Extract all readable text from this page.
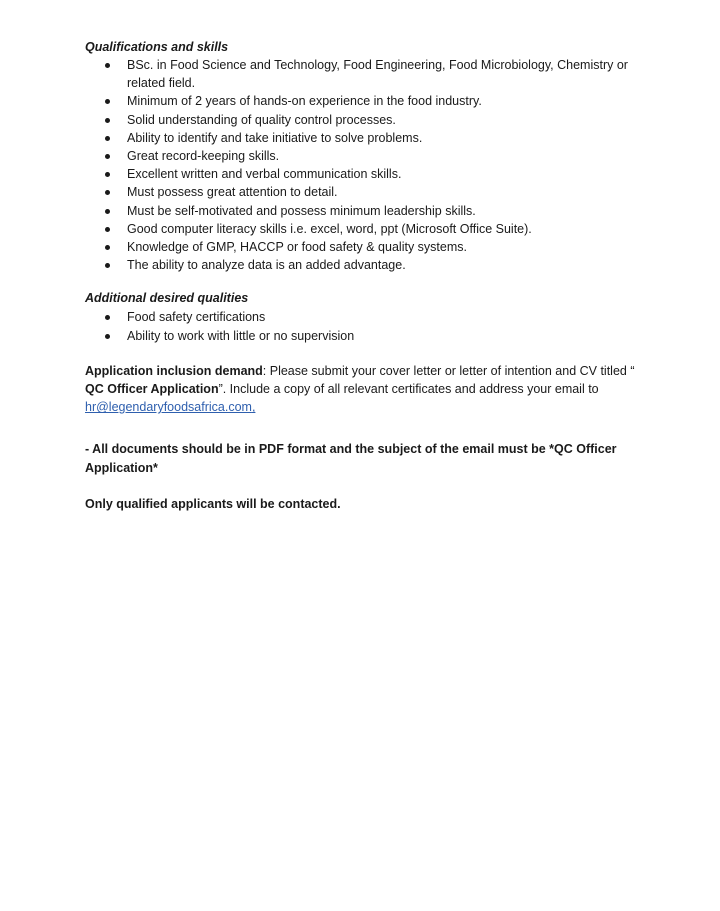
Qualifications and skills

BSc. in Food Science and Technology, Food Engineering, Food Microbiology, Chemistry or related field.
Minimum of 2 years of hands-on experience in the food industry.
Solid understanding of quality control processes.
Ability to identify and take initiative to solve problems.
Great record-keeping skills.
Excellent written and verbal communication skills.
Must possess great attention to detail.
Must be self-motivated and possess minimum leadership skills.
Good computer literacy skills i.e. excel, word, ppt (Microsoft Office Suite).
Knowledge of GMP, HACCP or food safety & quality systems.
The ability to analyze data is an added advantage.

Additional desired qualities

Food safety certifications
Ability to work with little or no supervision

Application inclusion demand: Please submit your cover letter or letter of intention and CV titled “ QC Officer Application”. Include a copy of all relevant certificates and address your email to hr@legendaryfoodsafrica.com,

- All documents should be in PDF format and the subject of the email must be *QC Officer Application*

Only qualified applicants will be contacted.
